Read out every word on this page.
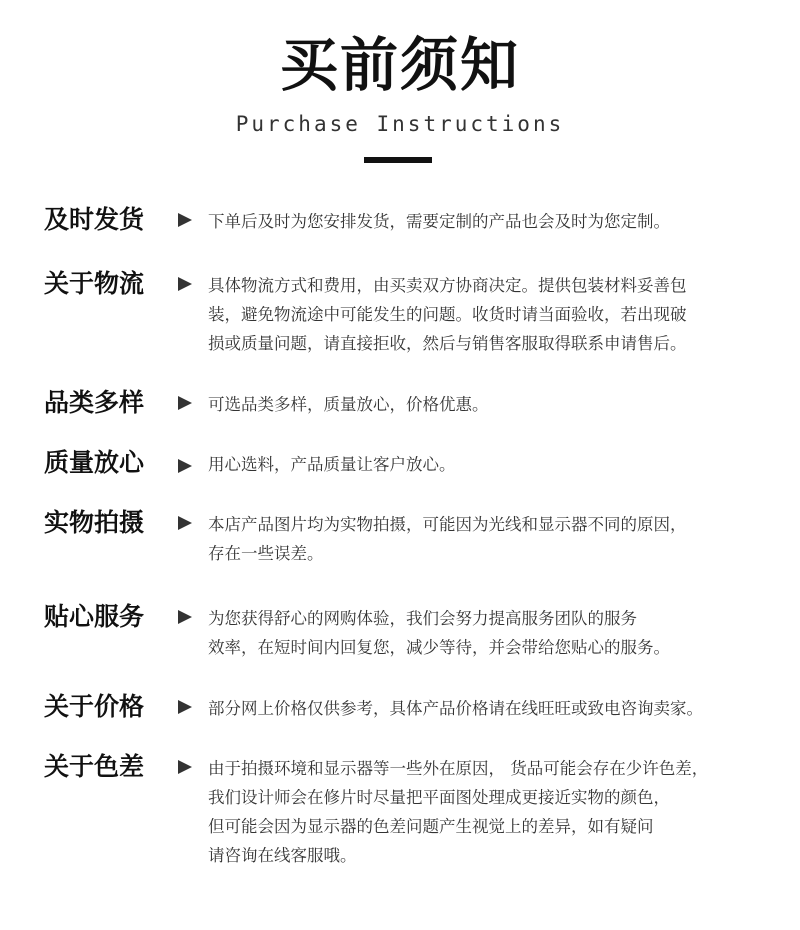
买前须知
Purchase Instructions
及时发货	下单后及时为您安排发货，需要定制的产品也会及时为您定制。
关于物流	具体物流方式和费用，由买卖双方协商决定。提供包装材料妥善包
装，避免物流途中可能发生的问题。收货时请当面验收，若出现破
损或质量问题，请直接拒收，然后与销售客服取得联系申请售后。
品类多样	可选品类多样，质量放心，价格优惠。
质量放心	用心选料，产品质量让客户放心。
实物拍摄	本店产品图片均为实物拍摄，可能因为光线和显示器不同的原因，
存在一些误差。
贴心服务	为您获得舒心的网购体验，我们会努力提高服务团队的服务
效率，在短时间内回复您，减少等待，并会带给您贴心的服务。
关于价格	部分网上价格仅供参考，具体产品价格请在线旺旺或致电咨询卖家。
关于色差	由于拍摄环境和显示器等一些外在原因， 货品可能会存在少许色差，
我们设计师会在修片时尽量把平面图处理成更接近实物的颜色，
但可能会因为显示器的色差问题产生视觉上的差异，如有疑问
请咨询在线客服哦。
